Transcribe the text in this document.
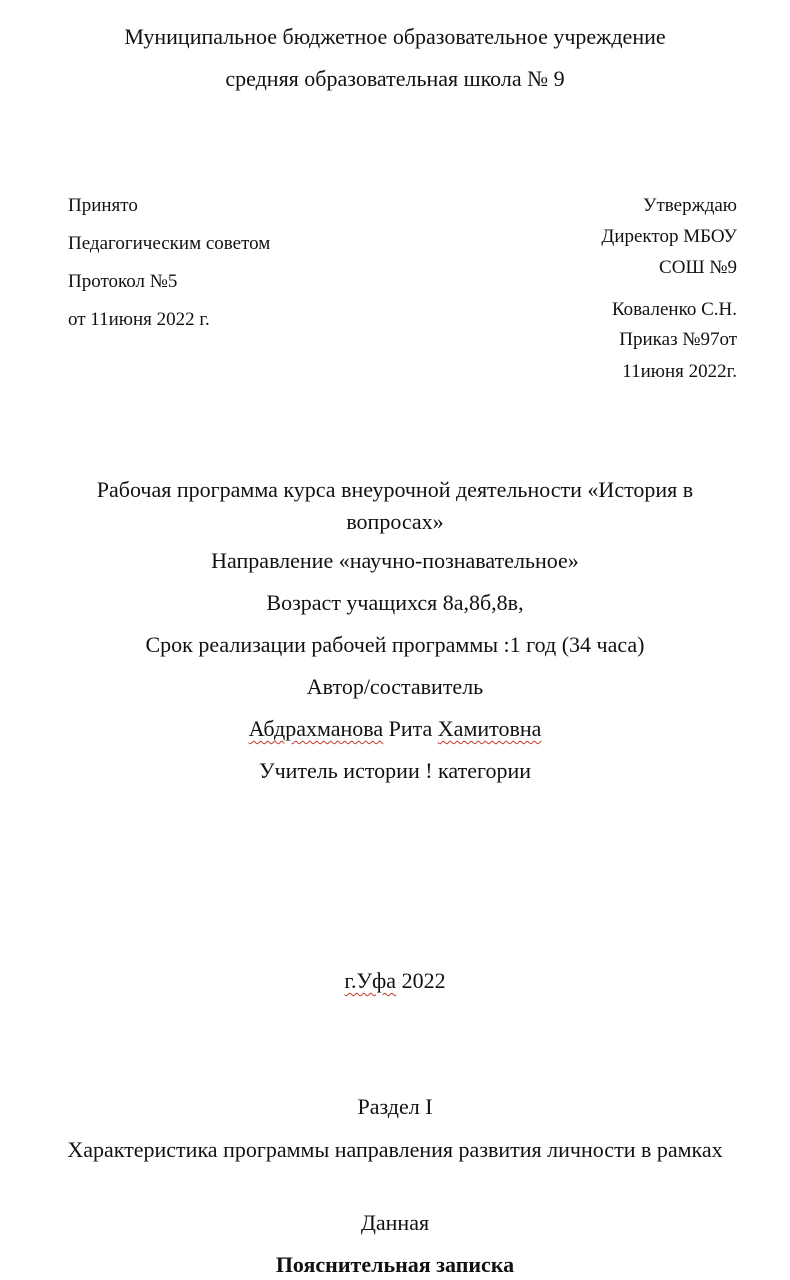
Муниципальное бюджетное образовательное учреждение
средняя образовательная школа № 9
Принято
Педагогическим советом
Протокол №5
от 11июня 2022 г.
Утверждаю
Директор МБОУ
СОШ №9
Коваленко С.Н.
Приказ №97от
11июня 2022г.
Рабочая программа курса внеурочной деятельности «История в вопросах»
Направление «научно-познавательное»
Возраст учащихся 8а,8б,8в,
Срок реализации рабочей программы :1 год (34 часа)
Автор/составитель
Абдрахманова Рита Хамитовна
Учитель истории ! категории
г.Уфа 2022
Раздел I
Характеристика программы направления развития личности в рамках
Данная
Пояснительная записка
